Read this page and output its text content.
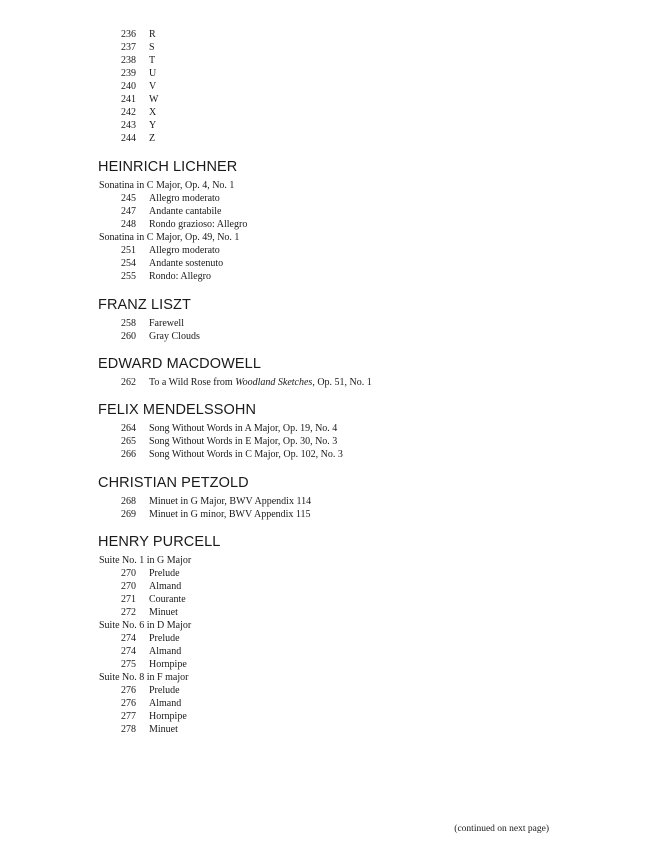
236 R
237 S
238 T
239 U
240 V
241 W
242 X
243 Y
244 Z
HEINRICH LICHNER
Sonatina in C Major, Op. 4, No. 1
245 Allegro moderato
247 Andante cantabile
248 Rondo grazioso: Allegro
Sonatina in C Major, Op. 49, No. 1
251 Allegro moderato
254 Andante sostenuto
255 Rondo: Allegro
FRANZ LISZT
258 Farewell
260 Gray Clouds
EDWARD MACDOWELL
262 To a Wild Rose from Woodland Sketches, Op. 51, No. 1
FELIX MENDELSSOHN
264 Song Without Words in A Major, Op. 19, No. 4
265 Song Without Words in E Major, Op. 30, No. 3
266 Song Without Words in C Major, Op. 102, No. 3
CHRISTIAN PETZOLD
268 Minuet in G Major, BWV Appendix 114
269 Minuet in G minor, BWV Appendix 115
HENRY PURCELL
Suite No. 1 in G Major
270 Prelude
270 Almand
271 Courante
272 Minuet
Suite No. 6 in D Major
274 Prelude
274 Almand
275 Hornpipe
Suite No. 8 in F major
276 Prelude
276 Almand
277 Hornpipe
278 Minuet
(continued on next page)
